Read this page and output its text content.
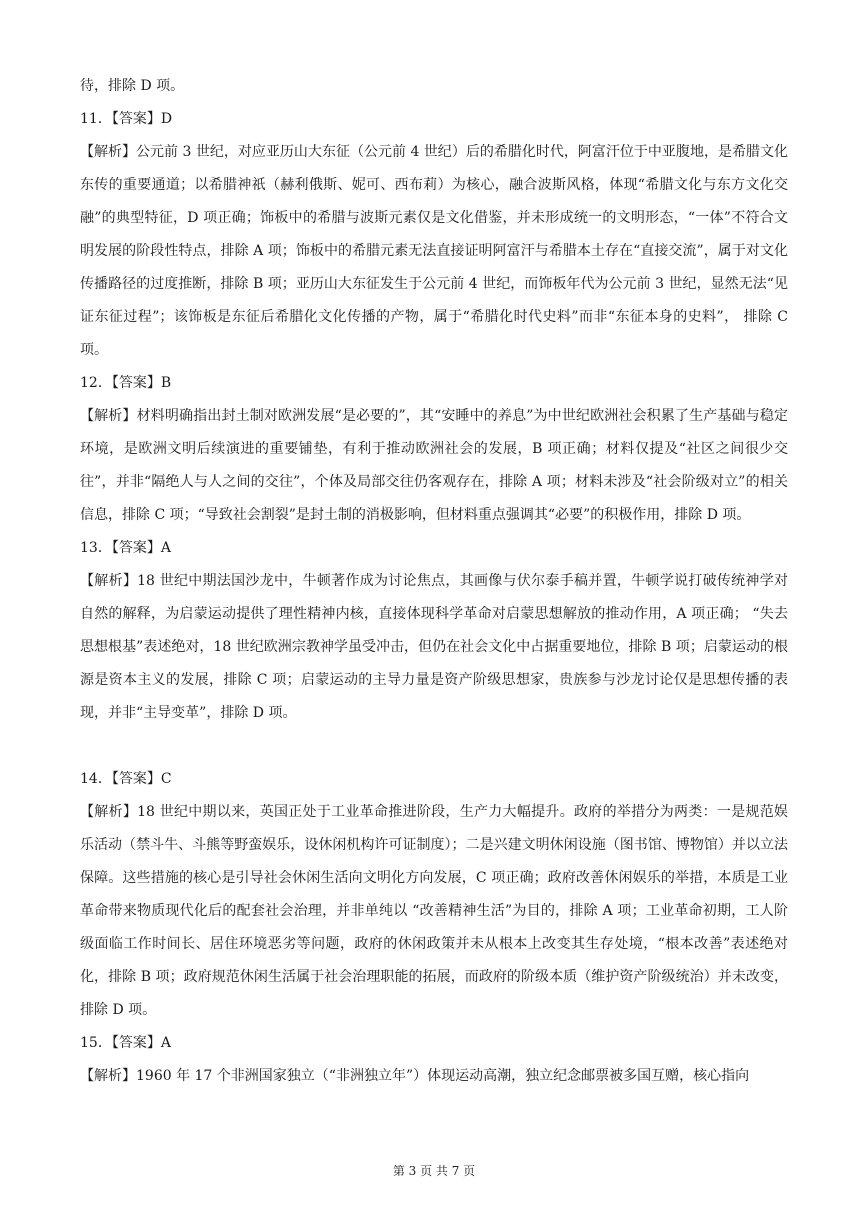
待，排除 D 项。

11．【答案】D

【解析】公元前 3 世纪，对应亚历山大东征（公元前 4 世纪）后的希腊化时代，阿富汗位于中亚腹地，是希腊文化东传的重要通道；以希腊神祇（赫利俄斯、妮可、西布莉）为核心，融合波斯风格，体现“希腊文化与东方文化交融”的典型特征，D 项正确；饰板中的希腊与波斯元素仅是文化借鉴，并未形成统一的文明形态，“一体”不符合文明发展的阶段性特点，排除 A 项；饰板中的希腊元素无法直接证明阿富汗与希腊本土存在“直接交流”，属于对文化传播路径的过度推断，排除 B 项；亚历山大东征发生于公元前 4 世纪，而饰板年代为公元前 3 世纪，显然无法“见证东征过程”；该饰板是东征后希腊化文化传播的产物，属于“希腊化时代史料”而非“东征本身的史料”， 排除 C 项。

12．【答案】B

【解析】材料明确指出封土制对欧洲发展“是必要的”，其“安睡中的养息”为中世纪欧洲社会积累了生产基础与稳定环境，是欧洲文明后续演进的重要铺垫，有利于推动欧洲社会的发展，B 项正确；材料仅提及“社区之间很少交往”，并非“隔绝人与人之间的交往”，个体及局部交往仍客观存在，排除 A 项；材料未涉及“社会阶级对立”的相关信息，排除 C 项；“导致社会割裂”是封土制的消极影响，但材料重点强调其“必要”的积极作用，排除 D 项。

13．【答案】A

【解析】18 世纪中期法国沙龙中，牛顿著作成为讨论焦点，其画像与伏尔泰手稿并置，牛顿学说打破传统神学对自然的解释，为启蒙运动提供了理性精神内核，直接体现科学革命对启蒙思想解放的推动作用，A 项正确； “失去思想根基”表述绝对，18 世纪欧洲宗教神学虽受冲击，但仍在社会文化中占据重要地位，排除 B 项；启蒙运动的根源是资本主义的发展，排除 C 项；启蒙运动的主导力量是资产阶级思想家，贵族参与沙龙讨论仅是思想传播的表现，并非“主导变革”，排除 D 项。

14．【答案】C

【解析】18 世纪中期以来，英国正处于工业革命推进阶段，生产力大幅提升。政府的举措分为两类：一是规范娱乐活动（禁斗牛、斗熊等野蛮娱乐，设休闲机构许可证制度）；二是兴建文明休闲设施（图书馆、博物馆）并以立法保障。这些措施的核心是引导社会休闲生活向文明化方向发展，C 项正确；政府改善休闲娱乐的举措，本质是工业革命带来物质现代化后的配套社会治理，并非单纯以 “改善精神生活”为目的，排除 A 项；工业革命初期，工人阶级面临工作时间长、居住环境恶劣等问题，政府的休闲政策并未从根本上改变其生存处境，“根本改善”表述绝对化，排除 B 项；政府规范休闲生活属于社会治理职能的拓展，而政府的阶级本质（维护资产阶级统治）并未改变，排除 D 项。

15．【答案】A

【解析】1960 年 17 个非洲国家独立（“非洲独立年”）体现运动高潮，独立纪念邮票被多国互赠，核心指向

第 3 页 共 7 页
